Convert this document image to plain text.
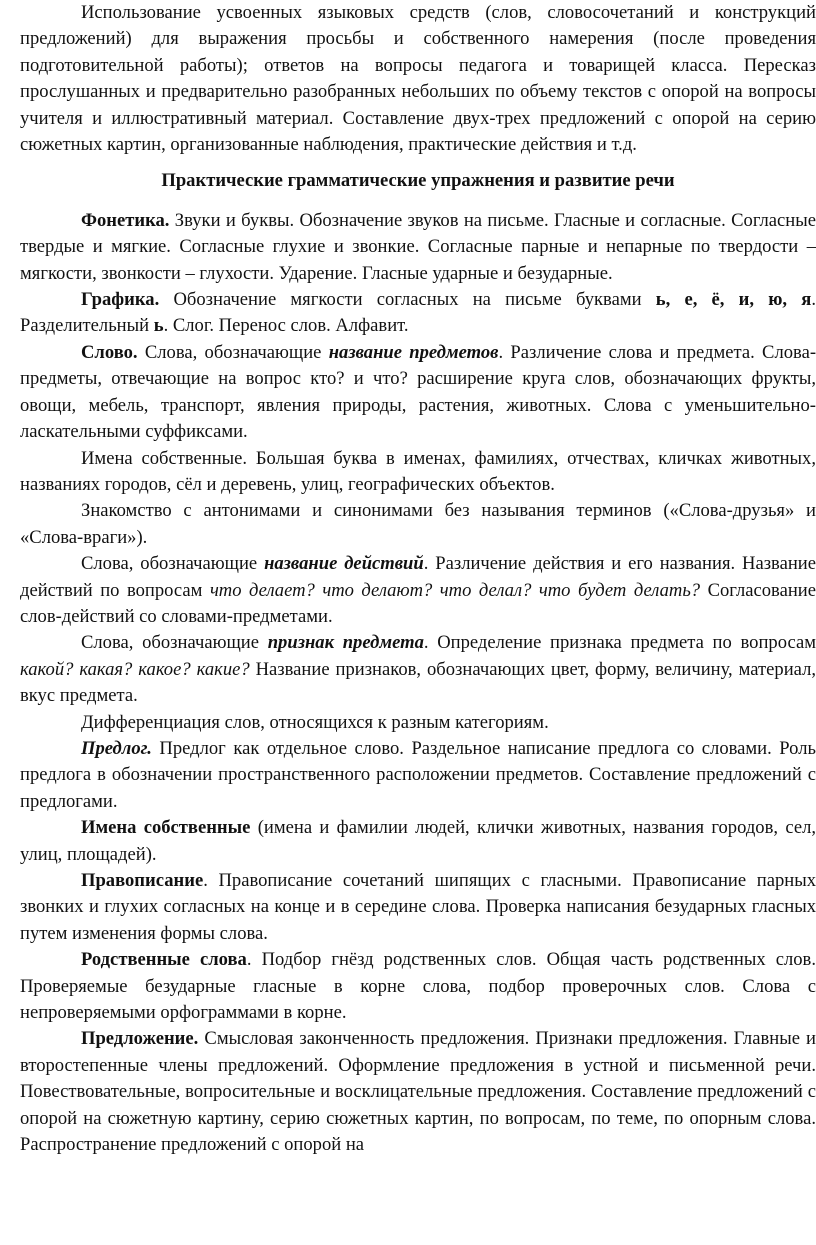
Использование усвоенных языковых средств (слов, словосочетаний и конструкций предложений) для выражения просьбы и собственного намерения (после проведения подготовительной работы); ответов на вопросы педагога и товарищей класса. Пересказ прослушанных и предварительно разобранных небольших по объему текстов с опорой на вопросы учителя и иллюстративный материал. Составление двух-трех предложений с опорой на серию сюжетных картин, организованные наблюдения, практические действия и т.д.

Практические грамматические упражнения и развитие речи

Фонетика. Звуки и буквы. Обозначение звуков на письме. Гласные и согласные. Согласные твердые и мягкие. Согласные глухие и звонкие. Согласные парные и непарные по твердости – мягкости, звонкости – глухости. Ударение. Гласные ударные и безударные.

Графика. Обозначение мягкости согласных на письме буквами ь, е, ё, и, ю, я. Разделительный ь. Слог. Перенос слов. Алфавит.

Слово. Слова, обозначающие название предметов. Различение слова и предмета. Слова-предметы, отвечающие на вопрос кто? и что? расширение круга слов, обозначающих фрукты, овощи, мебель, транспорт, явления природы, растения, животных. Слова с уменьшительно-ласкательными суффиксами.

Имена собственные. Большая буква в именах, фамилиях, отчествах, кличках животных, названиях городов, сёл и деревень, улиц, географических объектов.

Знакомство с антонимами и синонимами без называния терминов («Слова-друзья» и «Слова-враги»).

Слова, обозначающие название действий. Различение действия и его названия. Название действий по вопросам что делает? что делают? что делал? что будет делать? Согласование слов-действий со словами-предметами.

Слова, обозначающие признак предмета. Определение признака предмета по вопросам какой? какая? какое? какие? Название признаков, обозначающих цвет, форму, величину, материал, вкус предмета.

Дифференциация слов, относящихся к разным категориям.

Предлог. Предлог как отдельное слово. Раздельное написание предлога со словами. Роль предлога в обозначении пространственного расположении предметов. Составление предложений с предлогами.

Имена собственные (имена и фамилии людей, клички животных, названия городов, сел, улиц, площадей).

Правописание. Правописание сочетаний шипящих с гласными. Правописание парных звонких и глухих согласных на конце и в середине слова. Проверка написания безударных гласных путем изменения формы слова.

Родственные слова. Подбор гнёзд родственных слов. Общая часть родственных слов. Проверяемые безударные гласные в корне слова, подбор проверочных слов. Слова с непроверяемыми орфограммами в корне.

Предложение. Смысловая законченность предложения. Признаки предложения. Главные и второстепенные члены предложений. Оформление предложения в устной и письменной речи. Повествовательные, вопросительные и восклицательные предложения. Составление предложений с опорой на сюжетную картину, серию сюжетных картин, по вопросам, по теме, по опорным слова. Распространение предложений с опорой на
